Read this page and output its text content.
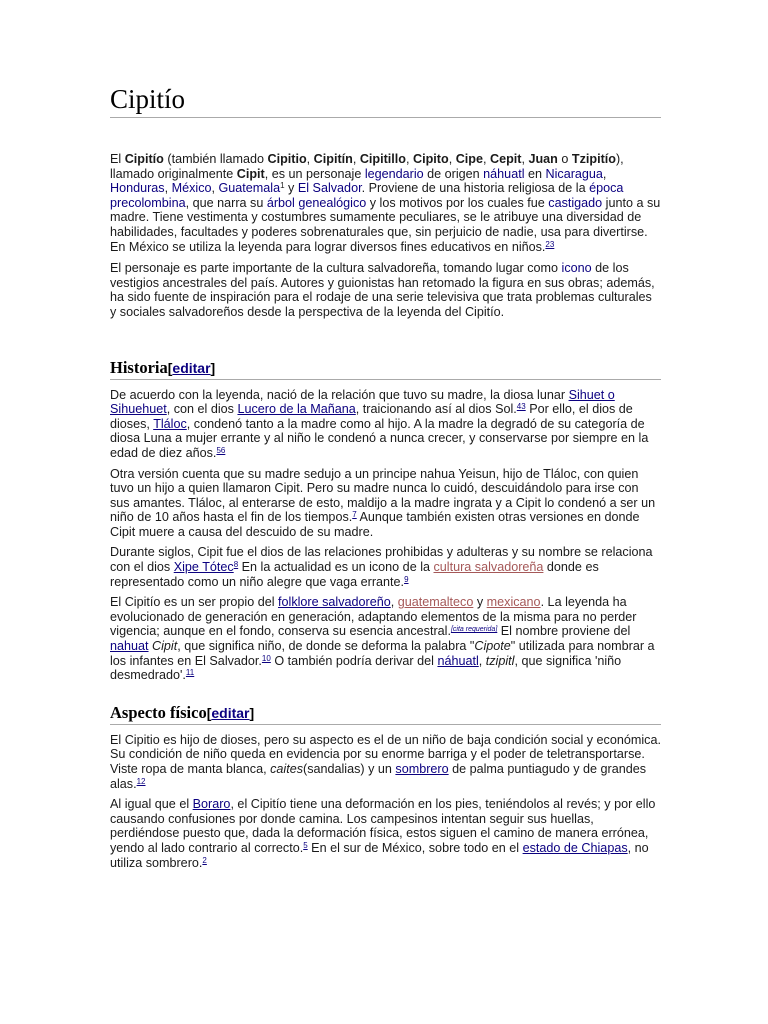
Cipitío

El Cipitío (también llamado Cipitio, Cipitín, Cipitillo, Cipito, Cipe, Cepit, Juan o Tzipitío), llamado originalmente Cipit, es un personaje legendario de origen náhuatl en Nicaragua, Honduras, México, Guatemala$^1$ y El Salvador. Proviene de una historia religiosa de la época precolombina, que narra su árbol genealógico y los motivos por los cuales fue castigado junto a su madre. Tiene vestimenta y costumbres sumamente peculiares, se le atribuye una diversidad de habilidades, facultades y poderes sobrenaturales que, sin perjuicio de nadie, usa para divertirse. En México se utiliza la leyenda para lograr diversos fines educativos en niños.$^{23}$

El personaje es parte importante de la cultura salvadoreña, tomando lugar como icono de los vestigios ancestrales del país. Autores y guionistas han retomado la figura en sus obras; además, ha sido fuente de inspiración para el rodaje de una serie televisiva que trata problemas culturales y sociales salvadoreños desde la perspectiva de la leyenda del Cipitío.

Historia[editar]

De acuerdo con la leyenda, nació de la relación que tuvo su madre, la diosa lunar Sihuet o Sihuehuet, con el dios Lucero de la Mañana, traicionando así al dios Sol.$^{43}$ Por ello, el dios de dioses, Tláloc, condenó tanto a la madre como al hijo. A la madre la degradó de su categoría de diosa Luna a mujer errante y al niño le condenó a nunca crecer, y conservarse por siempre en la edad de diez años.$^{56}$

Otra versión cuenta que su madre sedujo a un principe nahua Yeisun, hijo de Tláloc, con quien tuvo un hijo a quien llamaron Cipit. Pero su madre nunca lo cuidó, descuidándolo para irse con sus amantes. Tláloc, al enterarse de esto, maldijo a la madre ingrata y a Cipit lo condenó a ser un niño de 10 años hasta el fin de los tiempos.$^7$ Aunque también existen otras versiones en donde Cipit muere a causa del descuido de su madre.

Durante siglos, Cipit fue el dios de las relaciones prohibidas y adulteras y su nombre se relaciona con el dios Xipe Tótec$^8$ En la actualidad es un icono de la cultura salvadoreña donde es representado como un niño alegre que vaga errante.$^9$

El Cipitío es un ser propio del folklore salvadoreño, guatemalteco y mexicano. La leyenda ha evolucionado de generación en generación, adaptando elementos de la misma para no perder vigencia; aunque en el fondo, conserva su esencia ancestral.[cita requerida] El nombre proviene del nahuat Cipit, que significa niño, de donde se deforma la palabra "Cipote" utilizada para nombrar a los infantes en El Salvador.$^{10}$ O también podría derivar del náhuatl, tzipitl, que significa 'niño desmedrado'.$^{11}$

Aspecto físico[editar]

El Cipitio es hijo de dioses, pero su aspecto es el de un niño de baja condición social y económica. Su condición de niño queda en evidencia por su enorme barriga y el poder de teletransportarse. Viste ropa de manta blanca, caites(sandalias) y un sombrero de palma puntiagudo y de grandes alas.$^{12}$

Al igual que el Boraro, el Cipitío tiene una deformación en los pies, teniéndolos al revés; y por ello causando confusiones por donde camina. Los campesinos intentan seguir sus huellas, perdiéndose puesto que, dada la deformación física, estos siguen el camino de manera errónea, yendo al lado contrario al correcto.$^5$ En el sur de México, sobre todo en el estado de Chiapas, no utiliza sombrero.$^2$
